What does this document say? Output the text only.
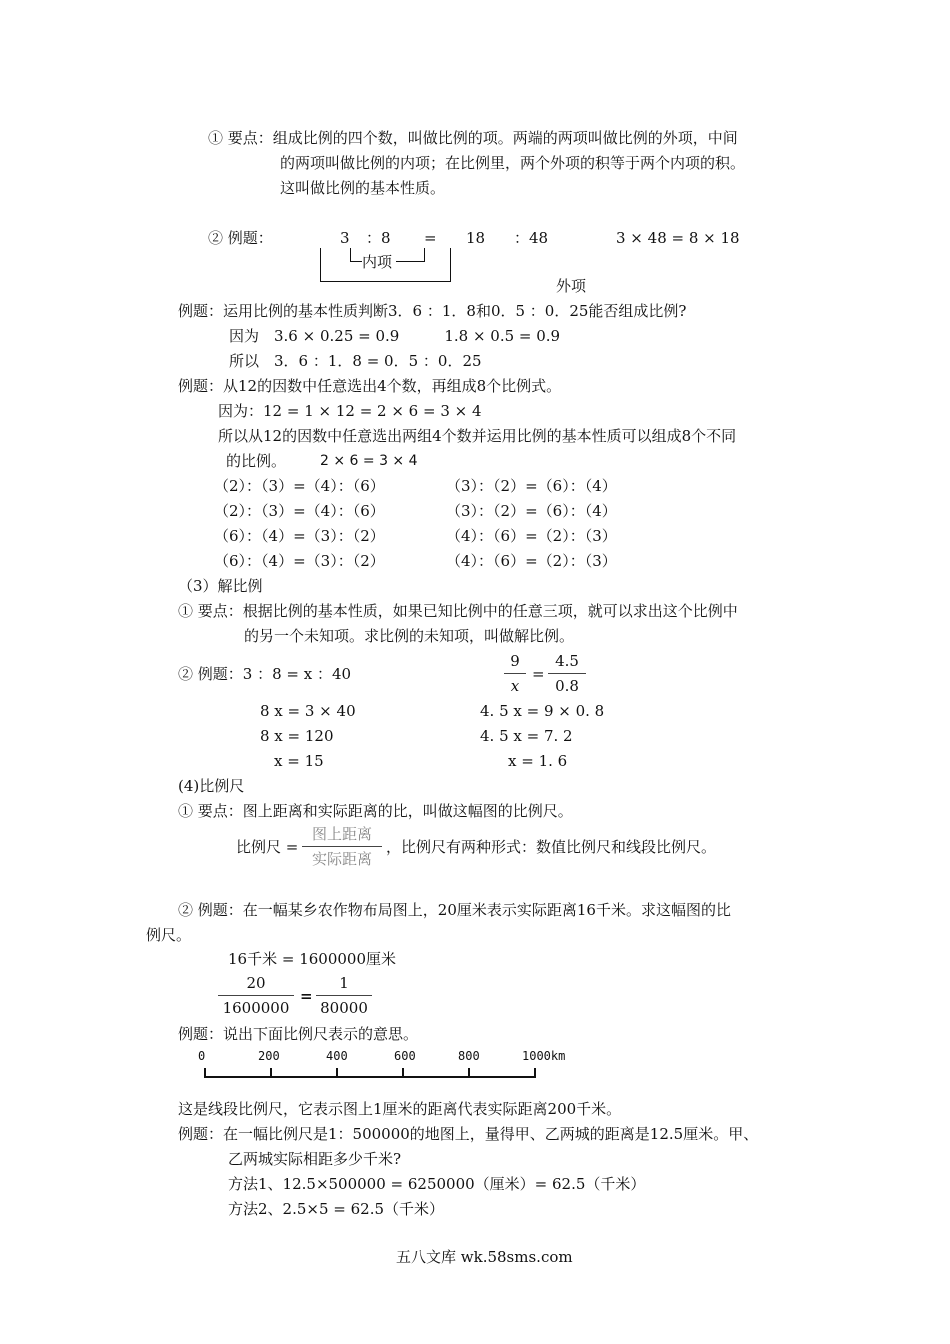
① 要点：组成比例的四个数，叫做比例的项。两端的两项叫做比例的外项，中间
的两项叫做比例的内项；在比例里，两个外项的积等于两个内项的积。
这叫做比例的基本性质。
② 例题：	3 ：8 = 18 ：48	3 × 48 = 8 × 18
内项
外项
例题：运用比例的基本性质判断3．6 ：1．8和0．5 ：0．25能否组成比例?
因为　3.6 × 0.25 = 0.9　　　1.8 × 0.5 = 0.9
所以　3．6 ：1．8 = 0．5 ：0．25
例题：从12的因数中任意选出4个数，再组成8个比例式。
因为：12 = 1 × 12 = 2 × 6 = 3 × 4
所以从12的因数中任意选出两组4个数并运用比例的基本性质可以组成8个不同
的比例。 2 × 6 = 3 × 4
（2）：（3）=（4）：（6）	（3）：（2）=（6）：（4）
（2）：（3）=（4）：（6）	（3）：（2）=（6）：（4）
（6）：（4）=（3）：（2）	（4）：（6）=（2）：（3）
（6）：（4）=（3）：（2）	（4）：（6）=（2）：（3）
（3）解比例
① 要点：根据比例的基本性质，如果已知比例中的任意三项，就可以求出这个比例中
的另一个未知项。求比例的未知项，叫做解比例。
② 例题：3 ：8 = x ：40
9
x
=
4.5
0.8
8 x = 3 × 40
8 x = 120
x = 15
4. 5 x = 9 × 0. 8
4. 5 x = 7. 2
x = 1. 6
(4)比例尺
① 要点：图上距离和实际距离的比，叫做这幅图的比例尺。
比例尺 =
图上距离
实际距离
，比例尺有两种形式：数值比例尺和线段比例尺。
② 例题：在一幅某乡农作物布局图上，20厘米表示实际距离16千米。求这幅图的比
例尺。
16千米 = 1600000厘米
20
1600000
=
1
80000
例题：说出下面比例尺表示的意思。
0	200	400	600	800	1000km
这是线段比例尺，它表示图上1厘米的距离代表实际距离200千米。
例题：在一幅比例尺是1：500000的地图上，量得甲、乙两城的距离是12.5厘米。甲、
乙两城实际相距多少千米?
方法1、12.5×500000 = 6250000（厘米）= 62.5（千米）
方法2、2.5×5 = 62.5（千米）
五八文库 wk.58sms.com
